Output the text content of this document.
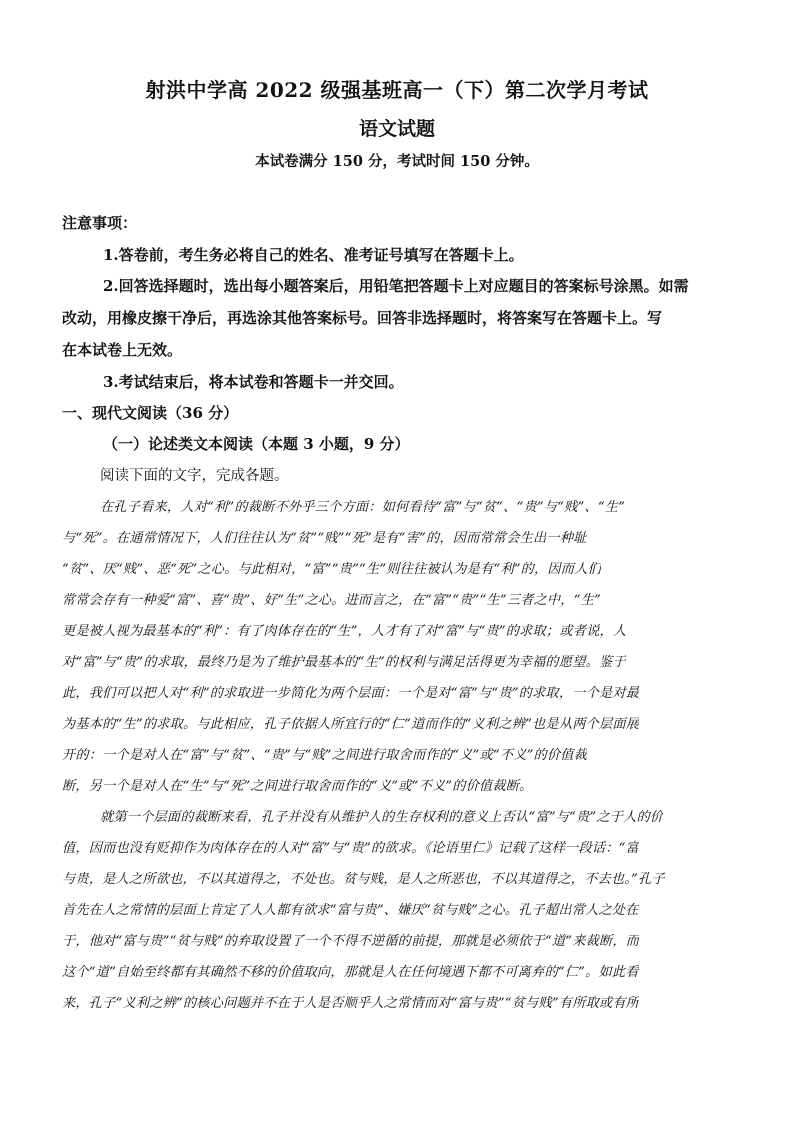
射洪中学高 2022 级强基班高一（下）第二次学月考试
语文试题
本试卷满分 150 分，考试时间 150 分钟。
注意事项：
1.答卷前，考生务必将自己的姓名、准考证号填写在答题卡上。
2.回答选择题时，选出每小题答案后，用铅笔把答题卡上对应题目的答案标号涂黑。如需
改动，用橡皮擦干净后，再选涂其他答案标号。回答非选择题时，将答案写在答题卡上。写
在本试卷上无效。
3.考试结束后，将本试卷和答题卡一并交回。
一、现代文阅读（36 分）
（一）论述类文本阅读（本题 3 小题，9 分）
阅读下面的文字，完成各题。
在孔子看来，人对“利”的裁断不外乎三个方面：如何看待“富”与“贫”、“贵”与“贱”、“生”
与“死”。在通常情况下，人们往往认为“贫”“贱”“死”是有“害”的，因而常常会生出一种耻
“贫”、厌“贱”、恶“死”之心。与此相对，“富”“贵”“生”则往往被认为是有“利”的，因而人们
常常会存有一种爱“富”、喜“贵”、好“生”之心。进而言之，在“富”“贵”“生”三者之中，“生”
更是被人视为最基本的“利”：有了肉体存在的“生”，人才有了对“富”与“贵”的求取；或者说，人
对“富”与“贵”的求取，最终乃是为了维护最基本的“生”的权利与满足活得更为幸福的愿望。鉴于
此，我们可以把人对“利”的求取进一步简化为两个层面：一个是对“富”与“贵”的求取，一个是对最
为基本的“生”的求取。与此相应，孔子依据人所宜行的“仁”道而作的“义利之辨”也是从两个层面展
开的：一个是对人在“富”与“贫”、“贵”与“贱”之间进行取舍而作的“义”或“不义”的价值裁
断，另一个是对人在“生”与“死”之间进行取舍而作的“义”或“不义”的价值裁断。
就第一个层面的裁断来看，孔子并没有从维护人的生存权利的意义上否认“富”与“贵”之于人的价
值，因而也没有贬抑作为肉体存在的人对“富”与“贵”的欲求。《论语里仁》记载了这样一段话：“富
与贵，是人之所欲也，不以其道得之，不处也。贫与贱，是人之所恶也，不以其道得之，不去也。”孔子
首先在人之常情的层面上肯定了人人都有欲求“富与贵”、嫌厌“贫与贱”之心。孔子超出常人之处在
于，他对“富与贵”“贫与贱”的弃取设置了一个不得不逆循的前提，那就是必须依于“道”来裁断，而
这个“道”自始至终都有其确然不移的价值取向，那就是人在任何境遇下都不可离弃的“仁”。如此看
来，孔子“义利之辨”的核心问题并不在于人是否顺乎人之常情而对“富与贵”“贫与贱”有所取或有所
